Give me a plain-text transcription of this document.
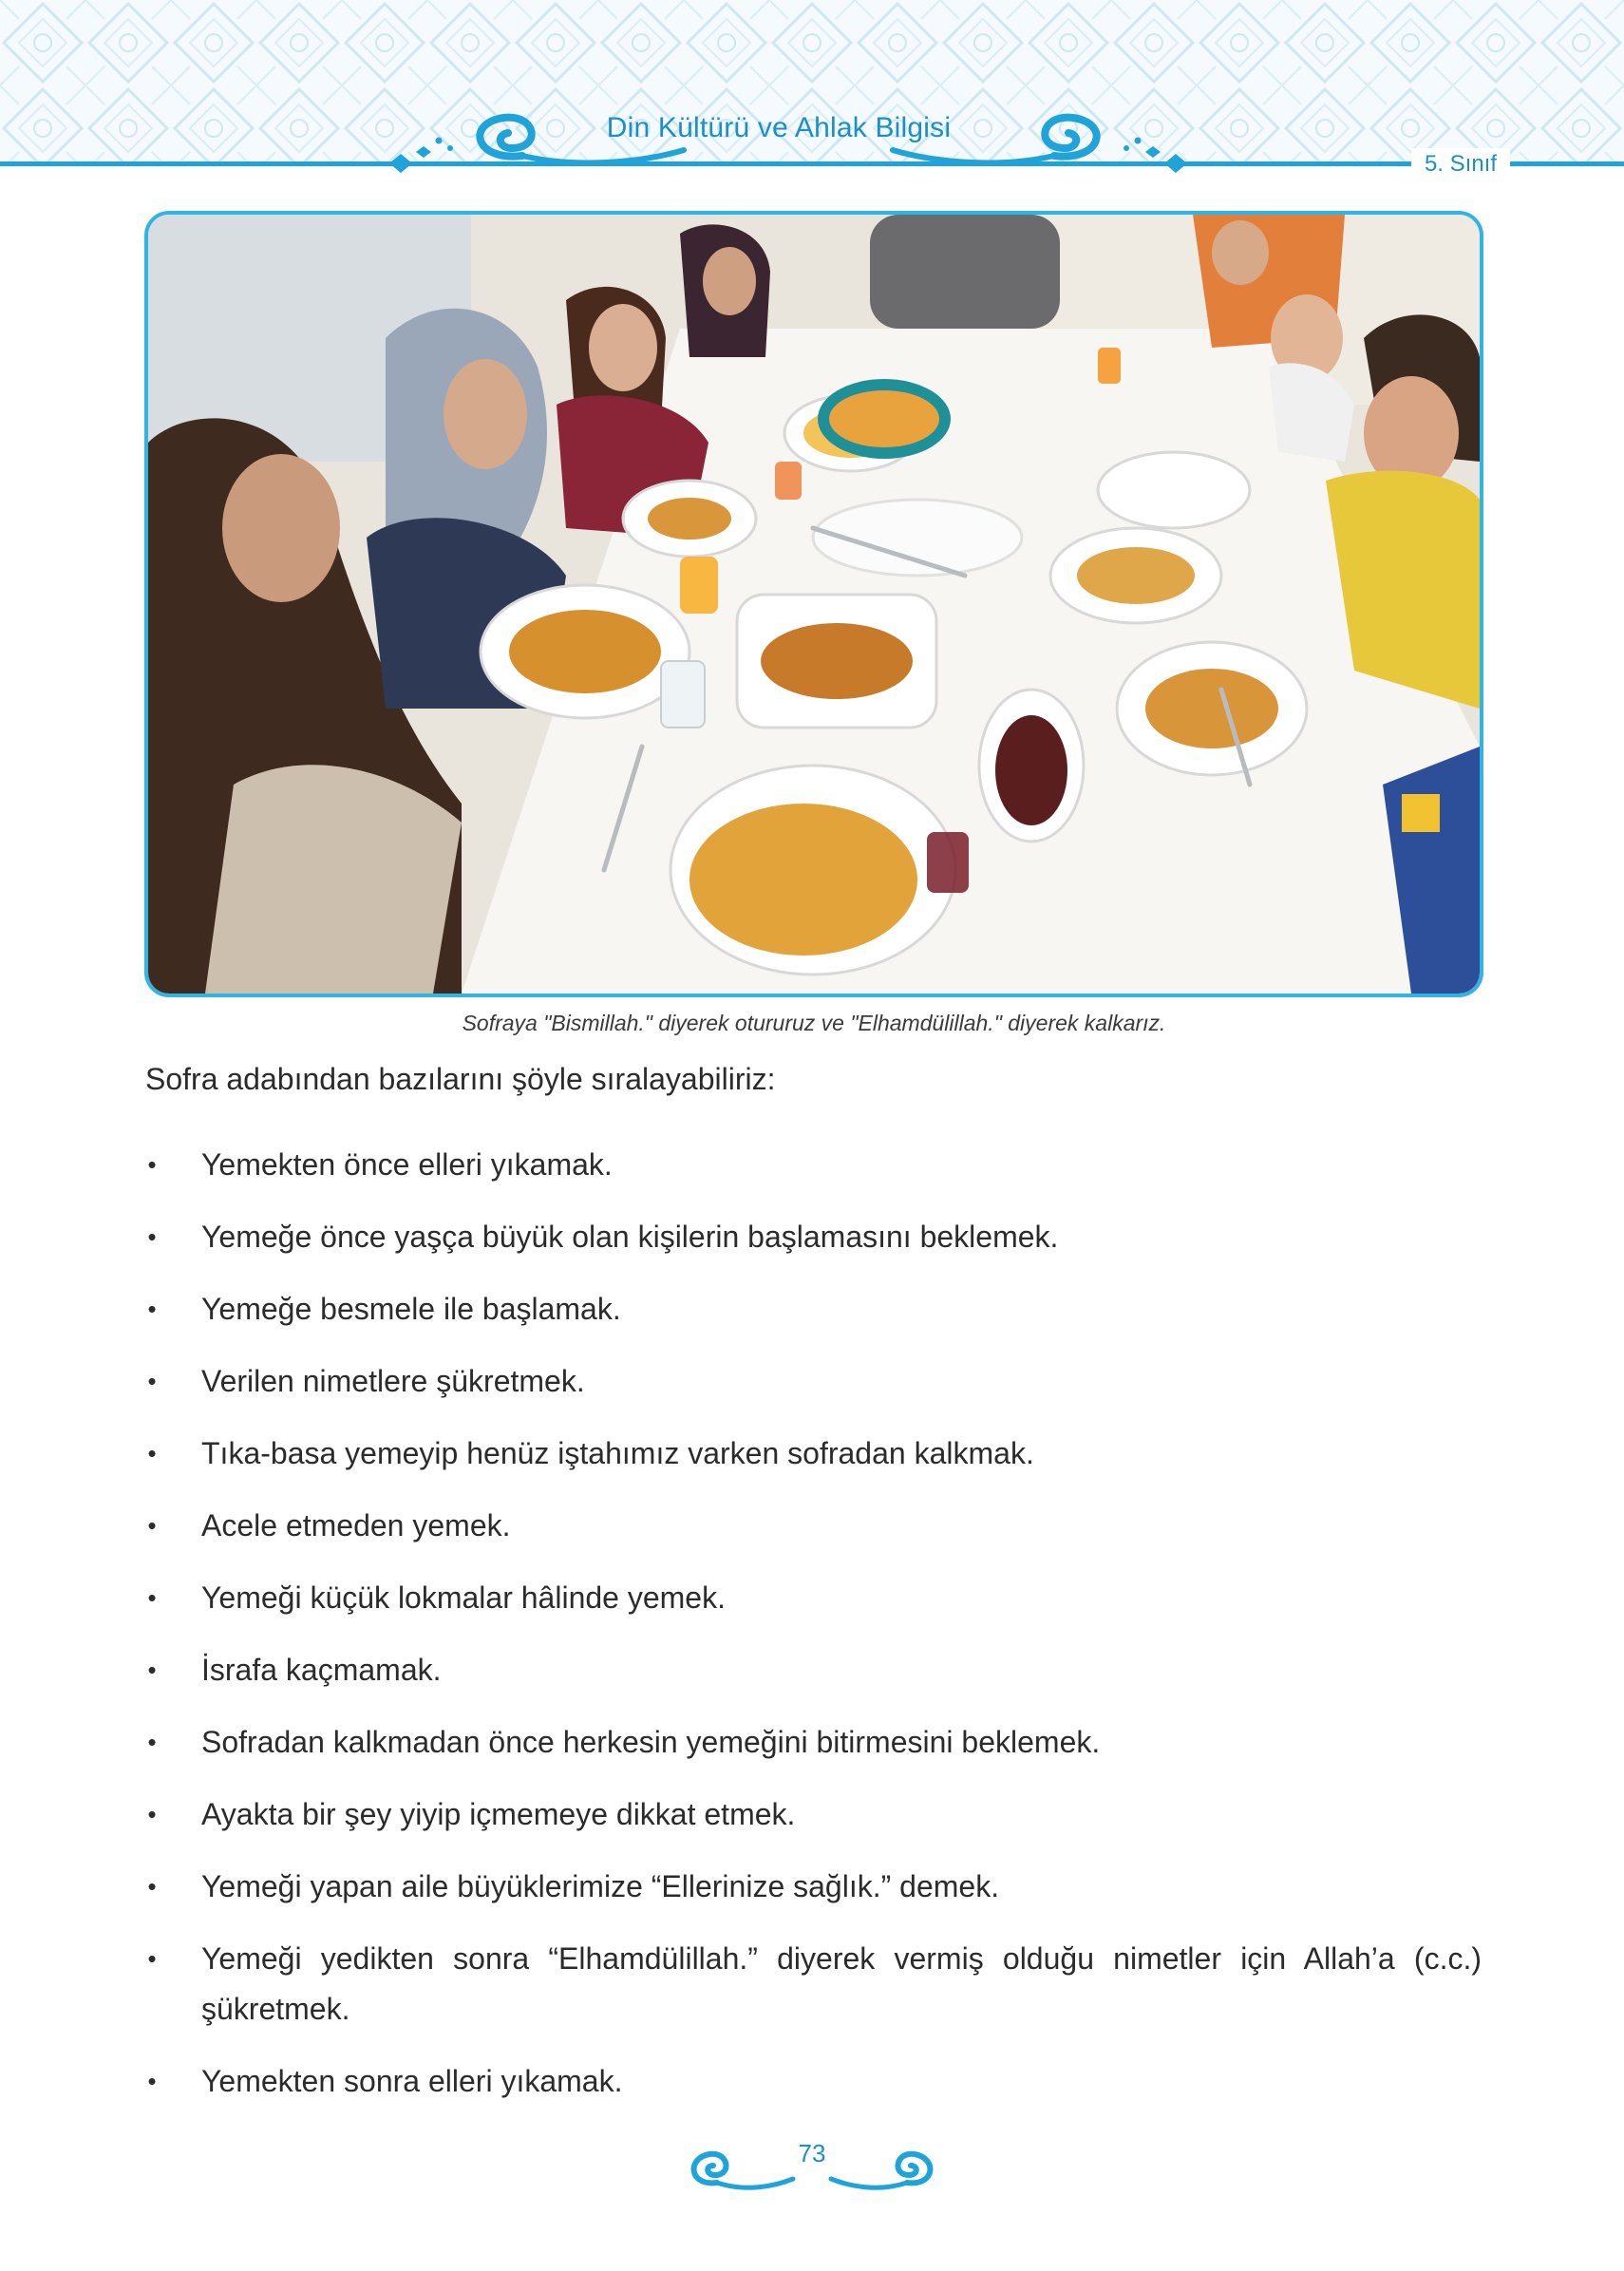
Din Kültürü ve Ahlak Bilgisi
5. Sınıf
Sofraya "Bismillah." diyerek otururuz ve "Elhamdülillah." diyerek kalkarız.
Sofra adabından bazılarını şöyle sıralayabiliriz:
• Yemekten önce elleri yıkamak.
• Yemeğe önce yaşça büyük olan kişilerin başlamasını beklemek.
• Yemeğe besmele ile başlamak.
• Verilen nimetlere şükretmek.
• Tıka-basa yemeyip henüz iştahımız varken sofradan kalkmak.
• Acele etmeden yemek.
• Yemeği küçük lokmalar hâlinde yemek.
• İsrafa kaçmamak.
• Sofradan kalkmadan önce herkesin yemeğini bitirmesini beklemek.
• Ayakta bir şey yiyip içmemeye dikkat etmek.
• Yemeği yapan aile büyüklerimize “Ellerinize sağlık.” demek.
• Yemeği yedikten sonra “Elhamdülillah.” diyerek vermiş olduğu nimetler için Allah’a (c.c.) şükretmek.
• Yemekten sonra elleri yıkamak.
73
